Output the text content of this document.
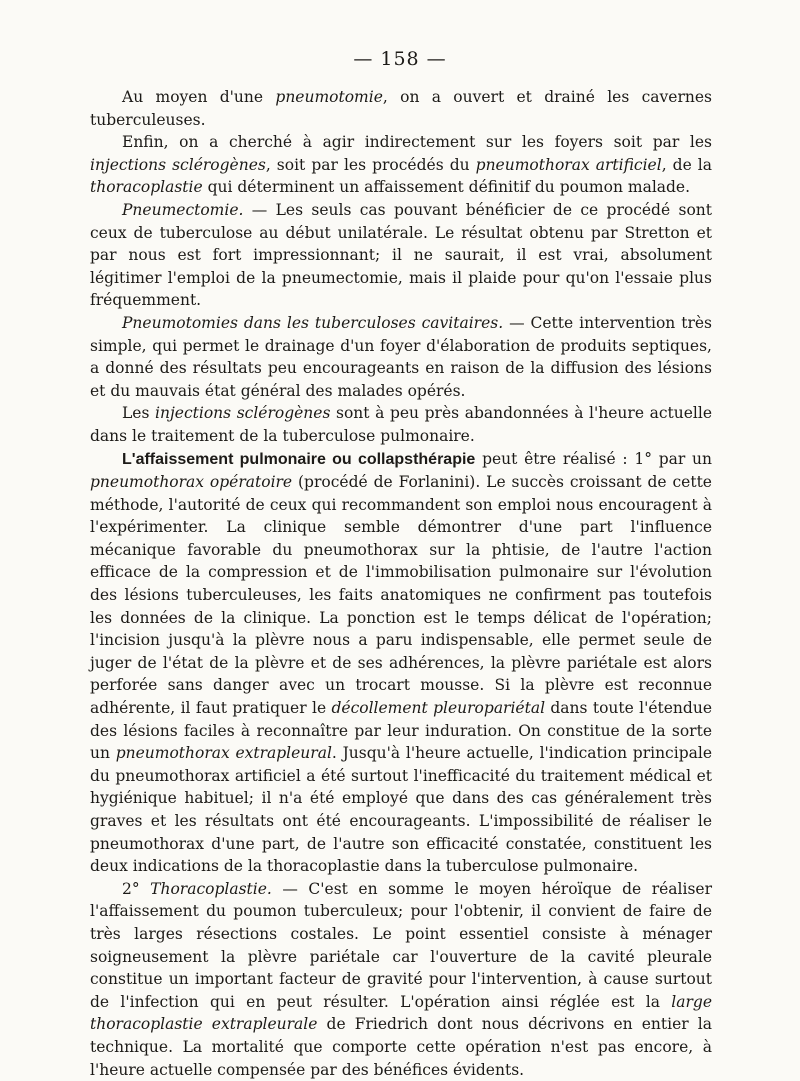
— 158 —

Au moyen d'une pneumotomie, on a ouvert et drainé les cavernes tuberculeuses.

Enfin, on a cherché à agir indirectement sur les foyers soit par les injections sclérogènes, soit par les procédés du pneumothorax artificiel, de la thoracoplastie qui déterminent un affaissement définitif du poumon malade.

Pneumectomie. — Les seuls cas pouvant bénéficier de ce procédé sont ceux de tuberculose au début unilatérale. Le résultat obtenu par Stretton et par nous est fort impressionnant; il ne saurait, il est vrai, absolument légitimer l'emploi de la pneumectomie, mais il plaide pour qu'on l'essaie plus fréquemment.

Pneumotomies dans les tuberculoses cavitaires. — Cette intervention très simple, qui permet le drainage d'un foyer d'élaboration de produits septiques, a donné des résultats peu encourageants en raison de la diffusion des lésions et du mauvais état général des malades opérés.

Les injections sclérogènes sont à peu près abandonnées à l'heure actuelle dans le traitement de la tuberculose pulmonaire.

L'affaissement pulmonaire ou collapsthérapie peut être réalisé : 1° par un pneumothorax opératoire (procédé de Forlanini). Le succès croissant de cette méthode, l'autorité de ceux qui recommandent son emploi nous encouragent à l'expérimenter. La clinique semble démontrer d'une part l'influence mécanique favorable du pneumothorax sur la phtisie, de l'autre l'action efficace de la compression et de l'immobilisation pulmonaire sur l'évolution des lésions tuberculeuses, les faits anatomiques ne confirment pas toutefois les données de la clinique. La ponction est le temps délicat de l'opération; l'incision jusqu'à la plèvre nous a paru indispensable, elle permet seule de juger de l'état de la plèvre et de ses adhérences, la plèvre pariétale est alors perforée sans danger avec un trocart mousse. Si la plèvre est reconnue adhérente, il faut pratiquer le décollement pleuropariétal dans toute l'étendue des lésions faciles à reconnaître par leur induration. On constitue de la sorte un pneumothorax extrapleural. Jusqu'à l'heure actuelle, l'indication principale du pneumothorax artificiel a été surtout l'inefficacité du traitement médical et hygiénique habituel; il n'a été employé que dans des cas généralement très graves et les résultats ont été encourageants. L'impossibilité de réaliser le pneumothorax d'une part, de l'autre son efficacité constatée, constituent les deux indications de la thoracoplastie dans la tuberculose pulmonaire.

2° Thoracoplastie. — C'est en somme le moyen héroïque de réaliser l'affaissement du poumon tuberculeux; pour l'obtenir, il convient de faire de très larges résections costales. Le point essentiel consiste à ménager soigneusement la plèvre pariétale car l'ouverture de la cavité pleurale constitue un important facteur de gravité pour l'intervention, à cause surtout de l'infection qui en peut résulter. L'opération ainsi réglée est la large thoracoplastie extrapleurale de Friedrich dont nous décrivons en entier la technique. La mortalité que comporte cette opération n'est pas encore, à l'heure actuelle compensée par des bénéfices évidents.
